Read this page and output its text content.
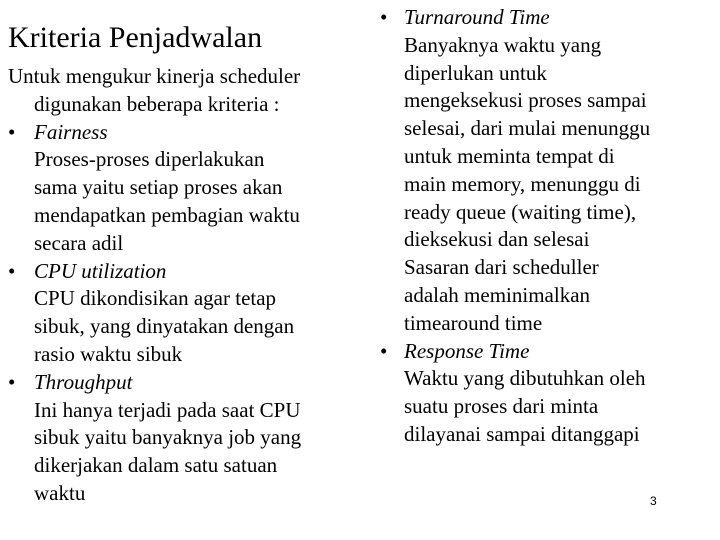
Kriteria Penjadwalan
Untuk mengukur kinerja scheduler
digunakan beberapa kriteria :
• Fairness
Proses-proses diperlakukan
sama yaitu setiap proses akan
mendapatkan pembagian waktu
secara adil
• CPU utilization
CPU dikondisikan agar tetap
sibuk, yang dinyatakan dengan
rasio waktu sibuk
• Throughput
Ini hanya terjadi pada saat CPU
sibuk yaitu banyaknya job yang
dikerjakan dalam satu satuan
waktu
• Turnaround Time
Banyaknya waktu yang
diperlukan untuk
mengeksekusi proses sampai
selesai, dari mulai menunggu
untuk meminta tempat di
main memory, menunggu di
ready queue (waiting time),
dieksekusi dan selesai
Sasaran dari scheduller
adalah meminimalkan
timearound time
• Response Time
Waktu yang dibutuhkan oleh
suatu proses dari minta
dilayanai sampai ditanggapi
3
